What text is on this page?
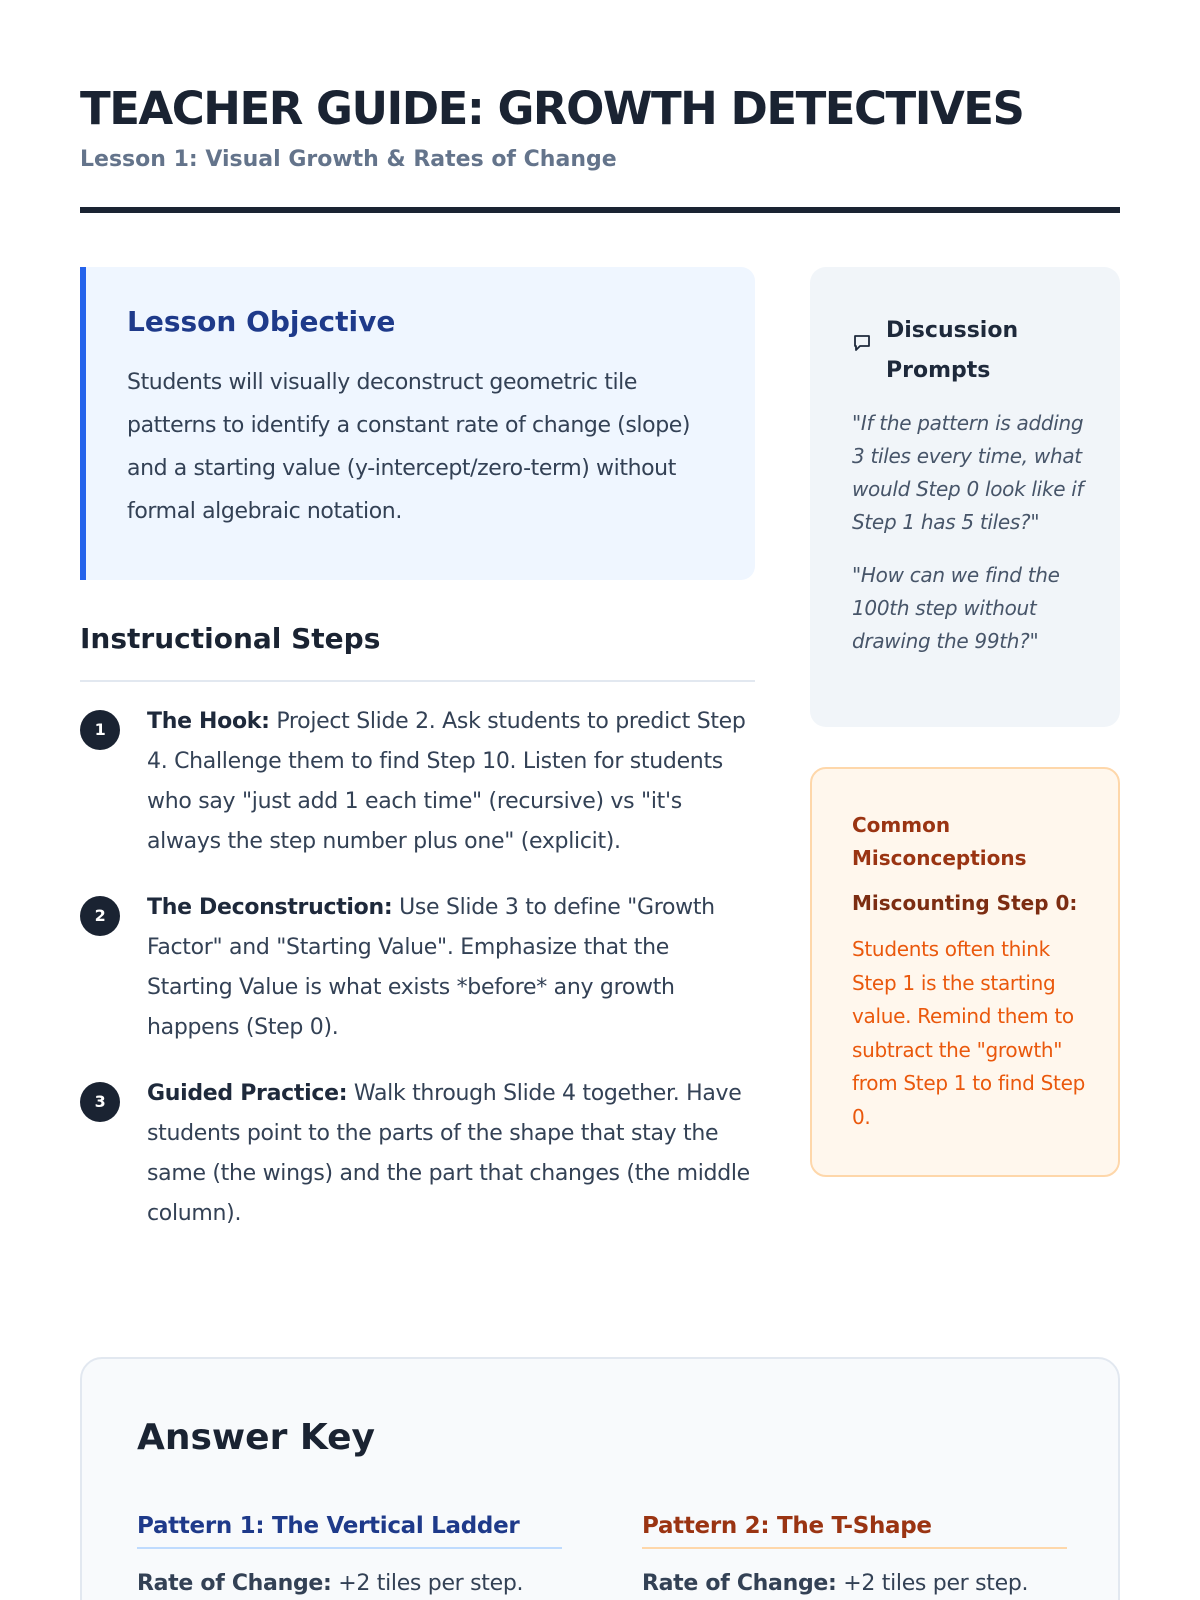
TEACHER GUIDE: GROWTH DETECTIVES
Lesson 1: Visual Growth & Rates of Change
Lesson Objective

Students will visually deconstruct geometric tile patterns to identify a constant rate of change (slope) and a starting value (y-intercept/zero-term) without formal algebraic notation.

Instructional Steps
1	The Hook: Project Slide 2. Ask students to predict Step 4. Challenge them to find Step 10. Listen for students who say "just add 1 each time" (recursive) vs "it's always the step number plus one" (explicit).
2	The Deconstruction: Use Slide 3 to define "Growth Factor" and "Starting Value". Emphasize that the Starting Value is what exists *before* any growth happens (Step 0).
3	Guided Practice: Walk through Slide 4 together. Have students point to the parts of the shape that stay the same (the wings) and the part that changes (the middle column).
Discussion Prompts

"If the pattern is adding 3 tiles every time, what would Step 0 look like if Step 1 has 5 tiles?"

"How can we find the 100th step without drawing the 99th?"

Common Misconceptions
Miscounting Step 0:

Students often think Step 1 is the starting value. Remind them to subtract the "growth" from Step 1 to find Step 0.

Answer Key
Pattern 1: The Vertical Ladder
Rate of Change: +2 tiles per step.
Pattern 2: The T-Shape
Rate of Change: +2 tiles per step.
